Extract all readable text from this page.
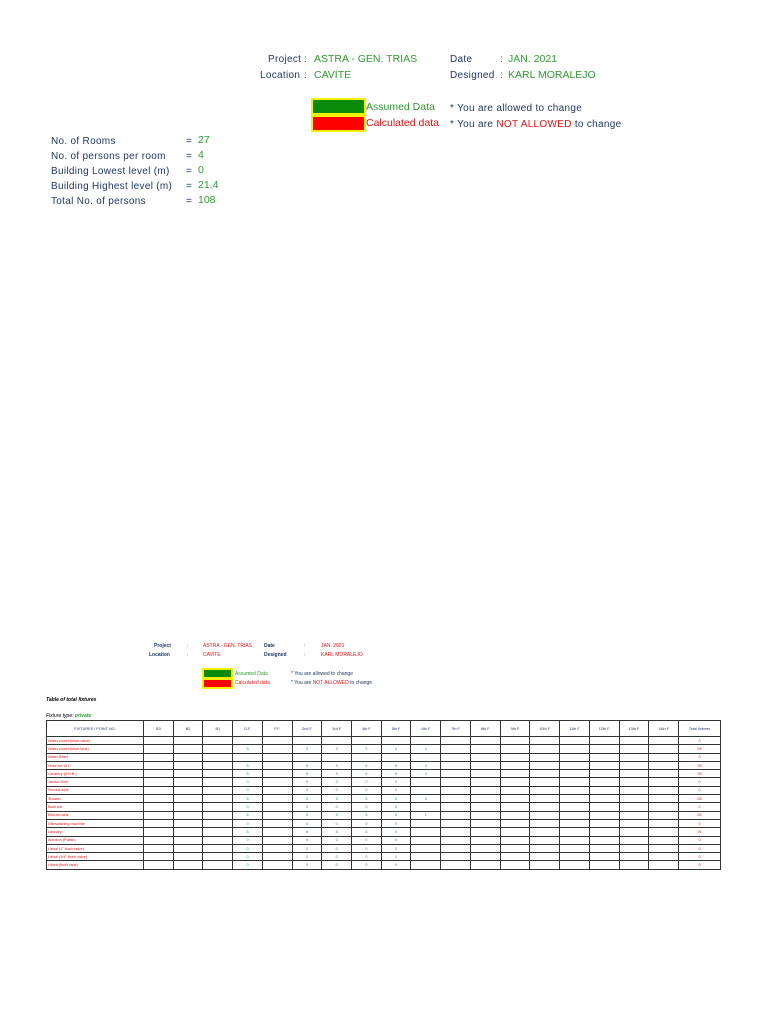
Project : ASTRA - GEN. TRIAS
Location : CAVITE
Date	: JAN. 2021
Designed : KARL MORALEJO
Assumed Data
Calculated data
* You are allowed to change
* You are NOT ALLOWED to change
No. of Rooms	= 27
No. of persons per room = 4
Building Lowest level (m) = 0
Building Highest level (m) = 21.4
Total No. of persons	= 108
Project	:	ASTRA - GEN. TRIAS
Location	:	CAVITE
Date	:	JAN. 2021
Designed	:	KARL MORALEJO
Assumed Data
Calculated data
* You are allowed to change
* You are NOT ALLOWED to change
Table of total fixtures
Fixture type: private
FIXTURES / POINT NO.	B3	B2	B1	G.F.	F.F.	2nd F	3rd F	4th F	5th F	6th F	7th F	8th F	9th F	10th F	11th F	12th F	13th F	14th F	Total fixtures
Water closet (flush valve)																			0
Water closet (flush tank)				5		5	5	5	5	3									28
Water Bidet																			0
Hose for W.C.				5		5	5	5	5	3									28
Lavatory (8 H.B.)				5		5	5	5	5	3									28
Janitor Sink				0		0	0	0	0										0
Service sink				0		0	0	0	0										0
Shower				5		5	5	5	5	3									28
Bath tub				0		0	0	0	0										0
Kitchen sink				5		5	5	5	5	1									26
Dishwashing machine				0		0	0	0	0										0
Laundry				5		5	5	5	5										26
Ablution (Public)				0		0	0	0	0										0
Urinal (1" flush valve)				0		0	0	0	0										0
Urinal (3/4" flush valve)				0		0	0	0	0										0
Urinal (flush tank)				0		0	0	0	0										0
